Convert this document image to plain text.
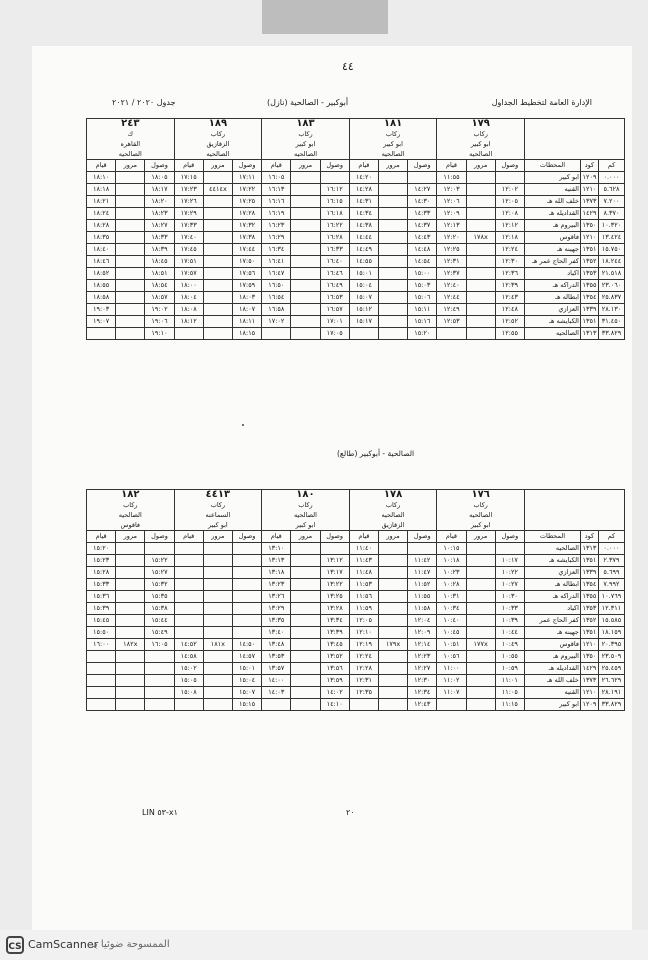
٤٤
الإدارة العامة لتخطيط الجداول
أبوكبير - الصالحية (نازل)
جدول ٢٠٢٠ / ٢٠٢١
			١٧٩			١٨١			١٨٣			١٨٩			٢٤٣		
			ركاب			ركاب			ركاب			ركاب			ك		
			ابو كبير			ابو كبير			ابو كبير			الزقازيق			القاهره		
			الصالحيه			الصالحيه			الصالحيه			الصالحيه			الصالحيه		
كم	كود	المحطات	وصول	مرور	قيام	وصول	مرور	قيام	وصول	مرور	قيام	وصول	مرور	قيام	وصول	مرور	قيام
٠.٠٠٠	١٢٠٩	ابو كبير			١١:٥٥			١٤:٢٠			١٦:٠٥	١٧:١١		١٧:١٥	١٨:٠٥		١٨:١٠
٥.٦٢٨	١٢١٠	القنيه	١٢:٠٢		١٢:٠٣	١٤:٢٧		١٤:٢٨	١٦:١٢		١٦:١٣	١٧:٢٢	٤٤١٤x	١٧:٢٣	١٨:١٧		١٨:١٨
٧.٢٠٠	١٣٧٣	خلف الله هـ	١٢:٠٥		١٢:٠٦	١٤:٣٠		١٤:٣١	١٦:١٥		١٦:١٦	١٧:٢٥		١٧:٢٦	١٨:٢٠		١٨:٢١
٨.٣٧٠	١٤٢٩	القداديله هـ	١٢:٠٨		١٢:٠٩	١٤:٣٣		١٤:٣٤	١٦:١٨		١٦:١٩	١٧:٢٨		١٧:٢٩	١٨:٢٣		١٨:٢٤
١٠.٣٢٠	١٣٥٠	البيروم هـ	١٢:١٢		١٢:١٣	١٤:٣٧		١٤:٣٨	١٦:٢٢		١٦:٢٣	١٧:٣٢		١٧:٣٣	١٨:٢٧		١٨:٢٨
١٣.٤٢٤	١٢١٠	فاقوس	١٢:١٨	١٧٨x	١٢:٢٠	١٤:٤٣		١٤:٤٤	١٦:٢٨		١٦:٢٩	١٧:٣٨		١٧:٤٠	١٨:٣٣		١٨:٣٥
١٥.٧٥٠	١٣٥١	جهينه هـ	١٢:٢٤		١٢:٢٥	١٤:٤٨		١٤:٤٩	١٦:٣٣		١٦:٣٤	١٧:٤٤		١٧:٤٥	١٨:٣٩		١٨:٤٠
١٨.٢٤٤	١٣٥٢	كفر الحاج عمر هـ	١٢:٣٠		١٢:٣١	١٤:٥٤		١٤:٥٥	١٦:٤٠		١٦:٤١	١٧:٥٠		١٧:٥١	١٨:٤٥		١٨:٤٦
٢١.٥١٨	١٣٥٣	اكياد	١٢:٣٦		١٢:٣٧	١٥:٠٠		١٥:٠١	١٦:٤٦		١٦:٤٧	١٧:٥٦		١٧:٥٧	١٨:٥١		١٨:٥٢
٢٣.٠٦٠	١٣٥٥	الدراكه هـ	١٢:٣٩		١٢:٤٠	١٥:٠٣		١٥:٠٤	١٦:٤٩		١٦:٥٠	١٧:٥٩		١٨:٠٠	١٨:٥٤		١٨:٥٥
٢٥.٨٣٧	١٣٥٤	ابطاله هـ	١٢:٤٣		١٢:٤٤	١٥:٠٦		١٥:٠٧	١٦:٥٣		١٦:٥٤	١٨:٠٣		١٨:٠٤	١٨:٥٧		١٨:٥٨
٢٨.١٣٠	١٣٣٩	العزازي	١٢:٤٨		١٢:٤٩	١٥:١١		١٥:١٢	١٦:٥٧		١٦:٥٨	١٨:٠٧		١٨:٠٨	١٩:٠٢		١٩:٠٣
٣١.٤٥٠	١٣٥١	الكبايشه هـ	١٢:٥٢		١٢:٥٣	١٥:١٦		١٥:١٧	١٧:٠١		١٧:٠٢	١٨:١١		١٨:١٢	١٩:٠٦		١٩:٠٧
٣٣.٨٢٩	١٣١٣	الصالحيه	١٢:٥٥			١٥:٢٠			١٧:٠٥			١٨:١٥			١٩:١٠		
الصالحية - أبوكبير (طالع)
			١٧٦			١٧٨			١٨٠			٤٤١٣			١٨٢		
			ركاب			ركاب			ركاب			ركاب			ركاب		
			الصالحيه			الصالحيه			الصالحيه			السماعنه			الصالحيه		
			ابو كبير			الزقازيق			ابو كبير			ابو كبير			فاقوس		
كم	كود	المحطات	وصول	مرور	قيام	وصول	مرور	قيام	وصول	مرور	قيام	وصول	مرور	قيام	وصول	مرور	قيام
٠.٠٠٠	١٣١٣	الصالحيه			١٠:١٥			١١:٤٠			١٣:١٠						١٥:٢٠
٢.٣٧٩	١٣٥١	الكبايشه هـ	١٠:١٧		١٠:١٨	١١:٤٢		١١:٤٣	١٣:١٢		١٣:١٣				١٥:٢٢		١٥:٢٣
٥.٦٩٩	١٣٣٩	العزازي	١٠:٢٢		١٠:٢٣	١١:٤٧		١١:٤٨	١٣:١٧		١٣:١٨				١٥:٢٧		١٥:٢٨
٧.٩٩٢	١٣٥٤	ابطاله هـ	١٠:٢٧		١٠:٢٨	١١:٥٢		١١:٥٣	١٣:٢٢		١٣:٢٣				١٥:٣٢		١٥:٣٣
١٠.٧٦٩	١٣٥٥	الدراكه هـ	١٠:٣٠		١٠:٣١	١١:٥٥		١١:٥٦	١٣:٢٥		١٣:٢٦				١٥:٣٥		١٥:٣٦
١٢.٣١١	١٣٥٣	اكياد	١٠:٣٣		١٠:٣٤	١١:٥٨		١١:٥٩	١٣:٢٨		١٣:٢٩				١٥:٣٨		١٥:٣٩
١٥.٥٨٥	١٣٥٢	كفر الحاج عمر	١٠:٣٩		١٠:٤٠	١٢:٠٤		١٢:٠٥	١٣:٣٤		١٣:٣٥				١٥:٤٤		١٥:٤٥
١٨.١٥٩	١٣٥١	جهينه هـ	١٠:٤٤		١٠:٤٥	١٢:٠٩		١٢:١٠	١٣:٣٩		١٣:٤٠				١٥:٤٩		١٥:٥٠
٢٠.٣٩٥	١٢١٠	فاقوس	١٠:٤٩	١٧٧x	١٠:٥١	١٢:١٤	١٧٩x	١٢:١٩	١٣:٤٥		١٣:٤٨	١٤:٥٠	١٨١x	١٤:٥٢	١٦:٠٥	١٨٢x	١٦:٠٠
٢٣.٥٠٩	١٣٥٠	البيروم هـ	١٠:٥٥		١٠:٥٦	١٢:٢٣		١٢:٢٤	١٣:٥٢		١٣:٥٣	١٤:٥٧		١٤:٥٨			
٢٥.٤٥٩	١٤٢٩	القداديله هـ	١٠:٥٩		١١:٠٠	١٢:٢٧		١٢:٢٨	١٣:٥٦		١٣:٥٧	١٥:٠١		١٥:٠٢			
٢٦.٦٢٩	١٣٧٣	خلف الله هـ	١١:٠١		١١:٠٢	١٢:٣٠		١٢:٣١	١٣:٥٩		١٤:٠٠	١٥:٠٤		١٥:٠٥			
٢٨.١٩١	١٢١٠	القنيه	١١:٠٥		١١:٠٧	١٢:٣٤		١٢:٣٥	١٤:٠٢		١٤:٠٣	١٥:٠٧		١٥:٠٨			
٣٣.٨٢٩	١٢٠٩	ابو كبير	١١:١٥			١٢:٤٣			١٤:١٠			١٥:١٥					
LIN ٥٣-x١	٢٠
CS CamScanner
الممسوحة ضوئيا بـ
